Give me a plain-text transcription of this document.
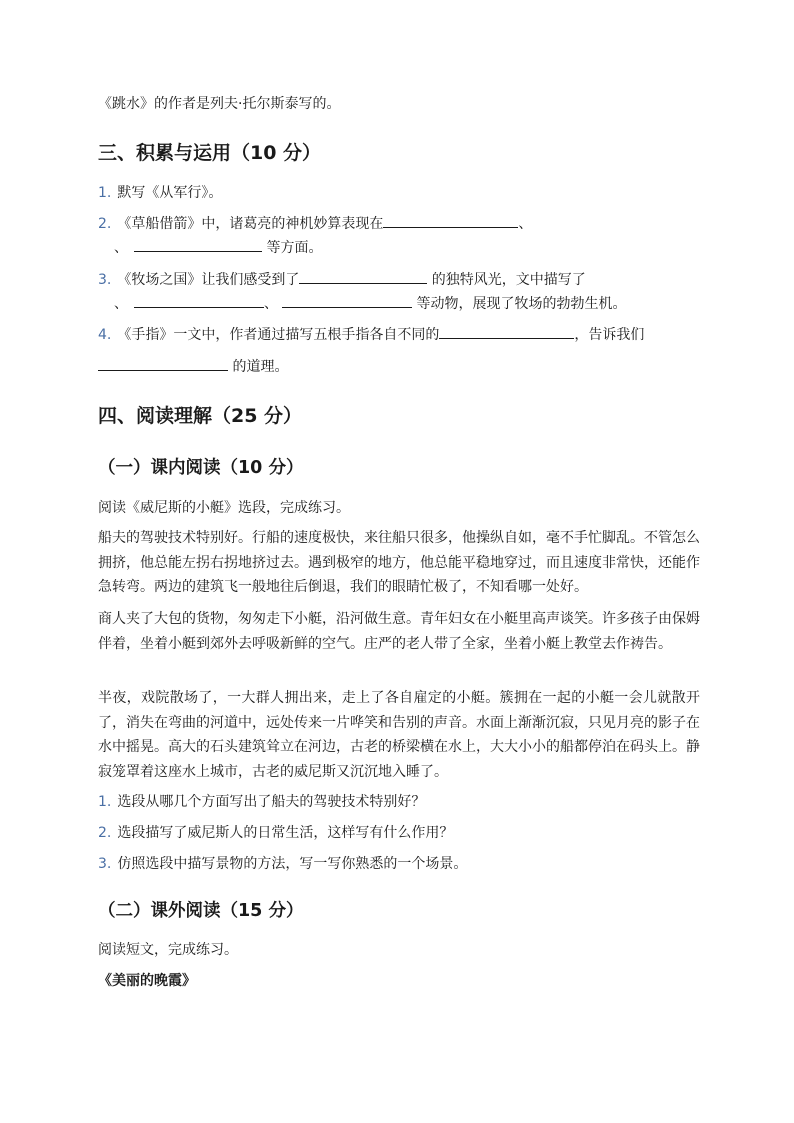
《跳水》的作者是列夫·托尔斯泰写的。
三、积累与运用（10 分）
1. 默写《从军行》。
2. 《草船借箭》中，诸葛亮的神机妙算表现在	、
、	等方面。
3. 《牧场之国》让我们感受到了	的独特风光，文中描写了
、	、	等动物，展现了牧场的勃勃生机。
4. 《手指》一文中，作者通过描写五根手指各自不同的	，告诉我们
的道理。
四、阅读理解（25 分）
（一）课内阅读（10 分）
阅读《威尼斯的小艇》选段，完成练习。
船夫的驾驶技术特别好。行船的速度极快，来往船只很多，他操纵自如，毫不手忙脚乱。不管怎么拥挤，他总能左拐右拐地挤过去。遇到极窄的地方，他总能平稳地穿过，而且速度非常快，还能作急转弯。两边的建筑飞一般地往后倒退，我们的眼睛忙极了，不知看哪一处好。
商人夹了大包的货物，匆匆走下小艇，沿河做生意。青年妇女在小艇里高声谈笑。许多孩子由保姆伴着，坐着小艇到郊外去呼吸新鲜的空气。庄严的老人带了全家，坐着小艇上教堂去作祷告。
半夜，戏院散场了，一大群人拥出来，走上了各自雇定的小艇。簇拥在一起的小艇一会儿就散开了，消失在弯曲的河道中，远处传来一片哗笑和告别的声音。水面上渐渐沉寂，只见月亮的影子在水中摇晃。高大的石头建筑耸立在河边，古老的桥梁横在水上，大大小小的船都停泊在码头上。静寂笼罩着这座水上城市，古老的威尼斯又沉沉地入睡了。
1. 选段从哪几个方面写出了船夫的驾驶技术特别好？
2. 选段描写了威尼斯人的日常生活，这样写有什么作用？
3. 仿照选段中描写景物的方法，写一写你熟悉的一个场景。
（二）课外阅读（15 分）
阅读短文，完成练习。
《美丽的晚霞》
